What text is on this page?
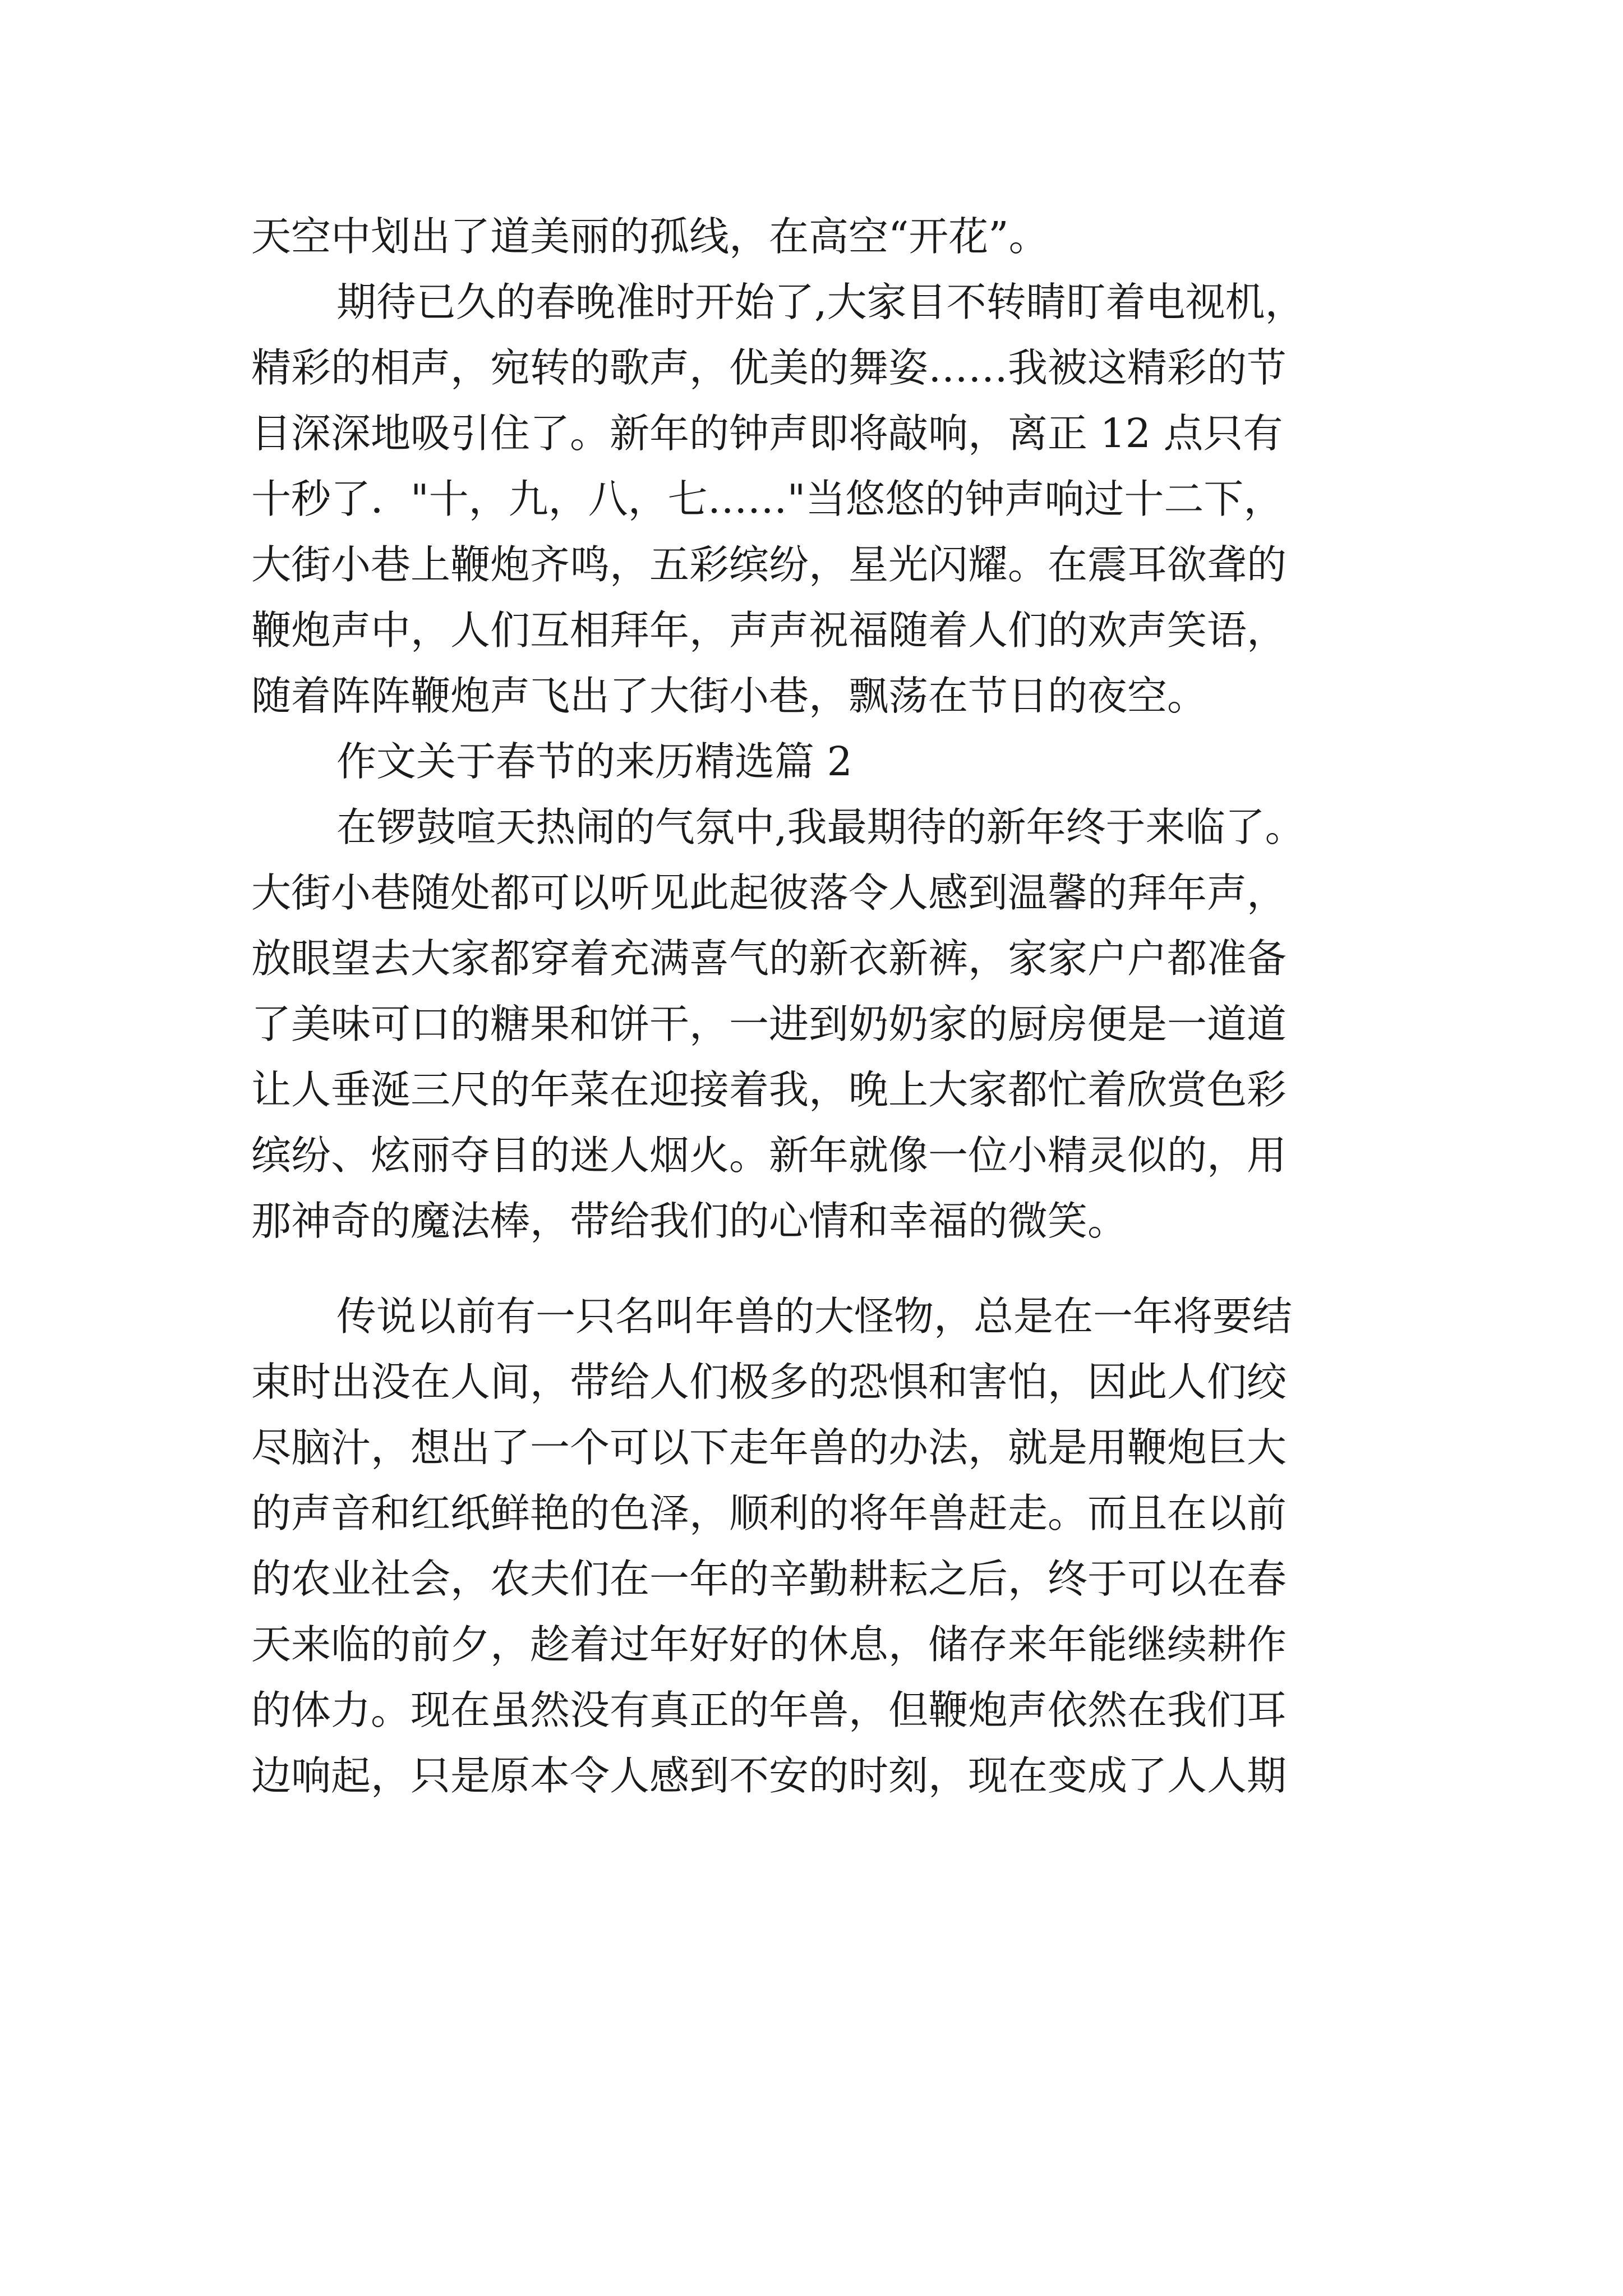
天空中划出了道美丽的孤线，在高空“开花”。

期待已久的春晚准时开始了,大家目不转睛盯着电视机，

精彩的相声，宛转的歌声，优美的舞姿……我被这精彩的节

目深深地吸引住了。新年的钟声即将敲响，离正 12 点只有

十秒了．"十，九，八，七……"当悠悠的钟声响过十二下，

大街小巷上鞭炮齐鸣，五彩缤纷，星光闪耀。在震耳欲聋的

鞭炮声中，人们互相拜年，声声祝福随着人们的欢声笑语，

随着阵阵鞭炮声飞出了大街小巷，飘荡在节日的夜空。

作文关于春节的来历精选篇 2

在锣鼓喧天热闹的气氛中,我最期待的新年终于来临了。

大街小巷随处都可以听见此起彼落令人感到温馨的拜年声，

放眼望去大家都穿着充满喜气的新衣新裤，家家户户都准备

了美味可口的糖果和饼干，一进到奶奶家的厨房便是一道道

让人垂涎三尺的年菜在迎接着我，晚上大家都忙着欣赏色彩

缤纷、炫丽夺目的迷人烟火。新年就像一位小精灵似的，用

那神奇的魔法棒，带给我们的心情和幸福的微笑。

传说以前有一只名叫年兽的大怪物，总是在一年将要结

束时出没在人间，带给人们极多的恐惧和害怕，因此人们绞

尽脑汁，想出了一个可以下走年兽的办法，就是用鞭炮巨大

的声音和红纸鲜艳的色泽，顺利的将年兽赶走。而且在以前

的农业社会，农夫们在一年的辛勤耕耘之后，终于可以在春

天来临的前夕，趁着过年好好的休息，储存来年能继续耕作

的体力。现在虽然没有真正的年兽，但鞭炮声依然在我们耳

边响起，只是原本令人感到不安的时刻，现在变成了人人期
